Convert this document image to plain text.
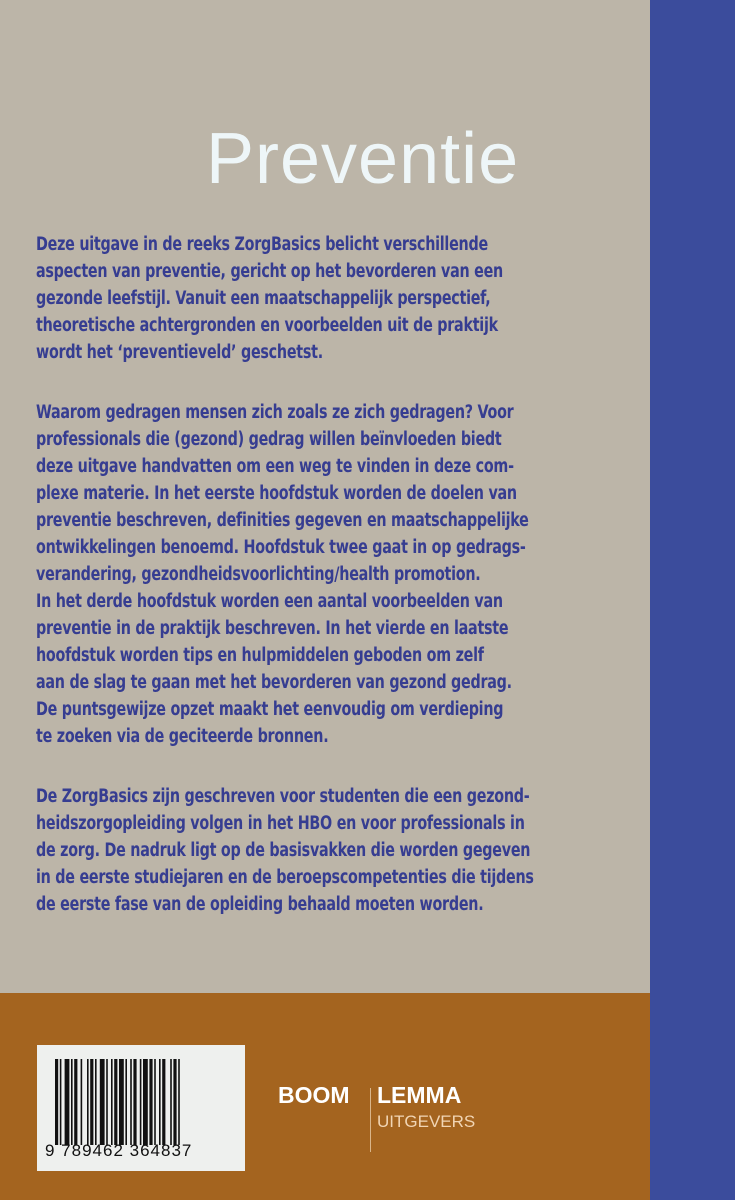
Preventie
Deze uitgave in de reeks ZorgBasics belicht verschillende
aspecten van preventie, gericht op het bevorderen van een
gezonde leefstijl. Vanuit een maatschappelijk perspectief,
theoretische achtergronden en voorbeelden uit de praktijk
wordt het ‘preventieveld’ geschetst.
Waarom gedragen mensen zich zoals ze zich gedragen? Voor
professionals die (gezond) gedrag willen beïnvloeden biedt
deze uitgave handvatten om een weg te vinden in deze com-
plexe materie. In het eerste hoofdstuk worden de doelen van
preventie beschreven, definities gegeven en maatschappelijke
ontwikkelingen benoemd. Hoofdstuk twee gaat in op gedrags-
verandering, gezondheidsvoorlichting/health promotion.
In het derde hoofdstuk worden een aantal voorbeelden van
preventie in de praktijk beschreven. In het vierde en laatste
hoofdstuk worden tips en hulpmiddelen geboden om zelf
aan de slag te gaan met het bevorderen van gezond gedrag.
De puntsgewijze opzet maakt het eenvoudig om verdieping
te zoeken via de geciteerde bronnen.
De ZorgBasics zijn geschreven voor studenten die een gezond-
heidszorgopleiding volgen in het HBO en voor professionals in
de zorg. De nadruk ligt op de basisvakken die worden gegeven
in de eerste studiejaren en de beroepscompetenties die tijdens
de eerste fase van de opleiding behaald moeten worden.
9 789462 364837
BOOM LEMMA
UITGEVERS
